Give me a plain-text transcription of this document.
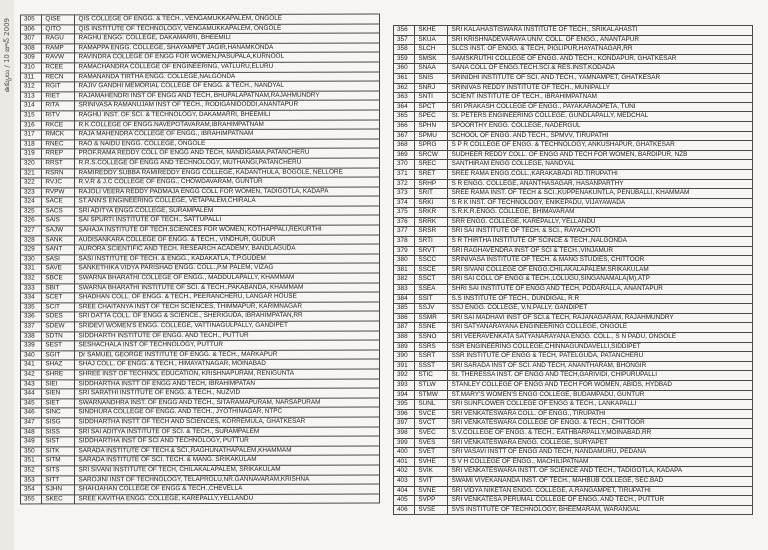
ఉక్కులు / 10 జూన్ 2009	305	QISE	QIS COLLEGE OF ENGG. & TECH., VENGAMUKKAPALEM, ONGOLE
306	QITO	QIS INSTITUTE OF TECHNOLOGY, VENGAMUKKAPALEM, ONGOLE
307	RAGU	RAGHU ENGG. COLLEGE, DAKAMARRI, BHEEMILI
308	RAMP	RAMAPPA ENGG. COLLEGE, SHAYAMPET JAGIR,HANAMKONDA
309	RAVW	RAVINDRA COLLEGE OF ENGG FOR WOMEN,PASUPALA,KURNOOL
310	RCEE	RAMACHANDRA COLLEGE OF ENGINEERING, VATLURU,ELURU
311	RECN	RAMANANDA TIRTHA ENGG. COLLEGE,NALGONDA
312	RGIT	RAJIV GANDHI MEMORIAL COLLEGE OF ENGG. & TECH., NANDYAL
313	RIET	RAJAMAHENDRI INST OF ENGG AND TECH, BHUPALAPATNAM,RAJAHMUNDRY
314	RITA	SRINIVASA RAMANUJAM INST OF TECH., RODIGANIDODDI,ANANTAPUR
315	RITV	RAGHU INST. OF SCI. & TECHNOLOGY, DAKAMARRI, BHEEMILI
316	RKCE	R.K.COLLEGE OF ENGG.NAVEPOTAVARAM,IBRAHIMPATNAM
317	RMCK	RAJA MAHENDRA COLLEGE OF ENGG., IBRAHIMPATNAM
318	RNEC	RAO & NAIDU ENGG. COLLEGE, ONGOLE
319	RREP	PROF.RAMA REDDY COLL OF ENGG AND TECH, NANDIGAMA,PATANCHERU
320	RRST	R.R.S.COLLEGE OF ENGG AND TECHNOLOGY, MUTHANGI,PATANCHERU
321	RSRN	RAMIREDDY SUBBA RAMIREDDY ENGG COLLEGE, KADANTHULA, BOGOLE, NELLORE
322	RVJC	R.V.R & J.C COLLEGE OF ENGG., CHOWDAVARAM, GUNTUR
323	RVPW	RAJOLI VEERA REDDY PADMAJA ENGG COLL FOR WOMEN, TADIGOTLA, KADAPA
324	SACE	ST.ANN'S ENGINEERING COLLEGE, VETAPALEM,CHIRALA
325	SACS	SRI ADITYA ENGG.COLLEGE, SURAMPALEM
326	SAIS	SAI SPURTI INSTITUTE OF TECH., SATTUPALLI
327	SAJW	SAHAJA INSTITUTE OF TECH.SCIENCES FOR WOMEN, KOTHAPPALI,REKURTHI
328	SANK	AUDISANKARA COLLEGE OF ENGG. & TECH., VINDHUR, GUDUR
329	SANT	AURORA SCIENTIFIC AND TECH. RESEARCH ACADEMY, BANDLAGUDA
330	SASI	SASI INSTITUTE OF TECH. & ENGG., KADAKATLA, T.P.GUDEM
331	SAVE	SANKETHIKA VIDYA PARISHAD ENGG. COLL.,P.M PALEM, VIZAG
332	SBCE	SWARNA BHARATHI COLLEGE OF ENGG., MADDULAPALLY, KHAMMAM
333	SBIT	SWARNA BHARATHI INSTITUTE OF SCI. & TECH.,PAKABANDA, KHAMMAM
334	SCET	SHADHAN COLL. OF ENGG. & TECH., PEERANCHERU, LANGAR HOUSE
335	SCIT	SREE CHAITANYA INST OF TECH SCIENCES, THIMMAPUR, KARIMNAGAR
336	SDES	SRI DATTA COLL. OF ENGG & SCIENCE., SHERIGUDA, IBRAHIMPATAN,RR
337	SDEW	SRIDEVI WOMEN'S ENGG. COLLEGE, VATTINAGULPALLY, GANDIPET
338	SDTN	SIDDHARTH INSTITUTE OF ENGG. AND TECH., PUTTUR
339	SEST	SESHACHALA INST OF TECHNOLOGY, PUTTUR
340	SGIT	Dr SAMUEL GEORGE INSTITUTE OF ENGG. & TECH., MARKAPUR
341	SHAZ	SHAJ COLL. OF ENGG. & TECH., HIMAYATNAGAR, MOINABAD
342	SHRE	SHREE INST OF TECHNOL EDUCATION, KRISHNAPURAM, RENIGUNTA
343	SIEI	SIDDHARTHA INSTT OF ENGG AND TECH, IBRAHIMPATAN
344	SIEN	SRI SARATHI INSTITUTE OF ENGG. & TECH., NUZVID
345	SIET	SWARNANDHRA INST. OF ENGG AND TECH., SITARAMAPURAM, NARSAPURAM
346	SINC	SINDHURA COLLEGE OF ENGG. AND TECH., JYOTHINAGAR, NTPC
347	SISG	SIDDHARTHA INSTT OF TECH AND SCIENCES, KORREMULA, GHATKESAR
348	SISS	SRI SAI ADITYA INSTITUTE OF SCI. & TECH., SURAMPALEM
349	SIST	SIDDHARTHA INST OF SCI AND TECHNOLOGY, PUTTUR
350	SITK	SARADA INSTITUTE OF TECH.& SCI.,RAGHUNATHAPALEM,KHAMMAM
351	SITM	SARADA INSTITUTE OF SCI. TECH. & MANG. SRIKAKULAM
352	SITS	SRI SIVANI INSTITUTE OF TECH, CHILAKALAPALEM, SRIKAKULAM
353	SITT	SAROJINI INST OF TECHNOLOGY, TELAPROLU,NR.GANNAVARAM,KRISHNA
354	SJHN	SHAHJAHAN COLLEGE OF ENGG & TECH.,CHEVELLA
355	SKEC	SREE KAVITHA ENGG. COLLEGE, KAREPALLY,YELLANDU
356	SKHE	SRI KALAHASTISWARA INSTITUTE OF TECH., SRIKALAHASTI
357	SKUA	SRI KRISHNADEVARAYA UNIV. COLL. OF ENGG., ANANTAPUR
358	SLCH	SLCS INST. OF ENGG. & TECH, PIGLIPUR,HAYATNAGAR,RR
359	SMSK	SAMSKRUTHI COLLEGE OF ENGG. AND TECH., KONDAPUR, GHATKESAR
360	SNAA	SANA COLL OF ENGG.TECH.SCI.& RES.INST.KODADA
361	SNIS	SRINIDHI INSTITUTE OF SCI. AND TECH., YAMNAMPET, GHATKESAR
362	SNRJ	SRINIVAS REDDY INSTITUTE OF TECH., MUNIPALLY
363	SNTI	SCIENT INSTITUTE OF TECH., IBRAHIMPATNAM
364	SPCT	SRI PRAKASH COLLEGE OF ENGG., PAYAKARAOPETA, TUNI
365	SPEC	St. PETERS ENGINEERING COLLEGE, GUNDLAPALLY, MEDCHAL
366	SPHN	SPOORTHY ENGG. COLLEGE, NADERGUL
367	SPMU	SCHOOL OF ENGG. AND TECH., SPMVV, TIRUPATHI
368	SPRG	S P R COLLEGE OF ENGG. & TECHNOLOGY, ANKUSHAPUR, GHATKESAR
369	SRCW	SUDHEER REDDY COLL. OF ENGG AND TECH FOR WOMEN, BARDIPUR, NZB
370	SREC	SANTHIRAM ENGG COLLEGE, NANDYAL
371	SRET	SREE RAMA ENGG.COLL.,KARAKABADI RD.TIRUPATHI
372	SRHP	S R ENGG. COLLEGE, ANANTHASAGAR, HASANPARTHY
373	SRIT	SREE RAMA INST. OF TECH & SCI.,KUPPENAKUNTLA, PENUBALLI, KHAMMAM
374	SRKI	S R K INST. OF TECHNOLOGY, ENIKEPADU, VIJAYAWADA
375	SRKR	S.R.K.R.ENGG. COLLEGE, BHIMAVARAM
376	SRRK	SRR ENGG. COLLEGE, KAREPALLY, YELLANDU
377	SRSR	SRI SAI INSTITUTE OF TECH. & SCI., RAYACHOTI
378	SRTI	S R THIRTHA INSTITUTE OF SCINCE & TECH.,NALGONDA
379	SRVT	SRI RAGHAVENDRA INST OF SCI & TECH.,VINJAMUR
380	SSCC	SRINIVASA INSTITUTE OF TECH. & MANG STUDIES, CHITTOOR
381	SSCE	SRI SIVANI COLLEGE OF ENGG.CHILAKALAPALEM.SRIKAKULAM
382	SSCT	SRI SAI COLL OF ENGG & TECH.,LOLUGU,SINGANAMALA(M),ATP
383	SSEA	SHRI SAI INSTITUTE OF ENGG AND TECH, PODARALLA, ANANTAPUR
384	SSIT	S.S INSTITUTE OF TECH., DUNDIGAL, R.R
385	SSJV	SSJ ENGG. COLLEGE, V.N.PALLY, GANDIPET
386	SSMR	SRI SAI MADHAVI INST OF SCI.& TECH, RAJANAGARAM, RAJAHMUNDRY
387	SSNE	SRI SATYANARAYANA ENGINEERING COLLEGE, ONGOLE
388	SSNO	SRI VEERAVENKATA SATYANARAYANA ENGG. COLL., S N PADU, ONGOLE
389	SSRS	SSR ENGINEERING COLLEGE,CHINNAGUNDAVELLI,SIDDIPET
390	SSRT	SSR INSTITUTE OF ENGG & TECH, PATELGUDA, PATANCHERU
391	SSST	SRI SARADA INST OF SCI. AND TECH, ANANTHARAM, BHONGIR
392	STIC	St. THERESSA INST. OF ENGG AND TECH,GARIVIDI, CHIPURUPALLI
393	STLW	STANLEY COLLEGE OF ENGG AND TECH FOR WOMEN, ABIDS, HYDBAD
394	STMW	ST.MARY'S WOMEN'S ENGG COLLEGE, BUDAMPADU, GUNTUR
395	SUNL	SRI SUNFLOWER COLLEGE OF ENGG & TECH., LANKAPALLI
396	SVCE	SRI VENKATESWARA COLL. OF ENGG., TIRUPATHI
397	SVCT	SRI VENKATESWARA COLLEGE OF ENGG. & TECH., CHITTOOR
398	SVEC	S.V.COLLEGE OF ENGG. & TECH., EATHBARPALLY,MOINABAD,RR
399	SVES	SRI VENKATESWARA ENGG. COLLEGE, SURYAPET
400	SVET	SRI VASAVI INSTT OF ENGG AND TECH, NANDAMURU, PEDANA
401	SVHE	S V H COLLEGE OF ENGG., MACHILIPATNAM
402	SVIK	SRI VENKATESWARA INSTT. OF SCIENCE AND TECH., TADIGOTLA, KADAPA
403	SVIT	SWAMI VIVEKANANDA INST. OF TECH., MAHBUB COLLEGE, SEC.BAD
404	SVNE	SRI VIDYA NIKETAN ENGG. COLLEGE, A.RANGAMPET, TIRUPATHI
405	SVPP	SRI VENKATESA PERUMAL COLLEGE OF ENGG. AND TECH., PUTTUR
406	SVSE	SVS INSTITUTE OF TECHNOLOGY, BHEEMARAM, WARANGAL
